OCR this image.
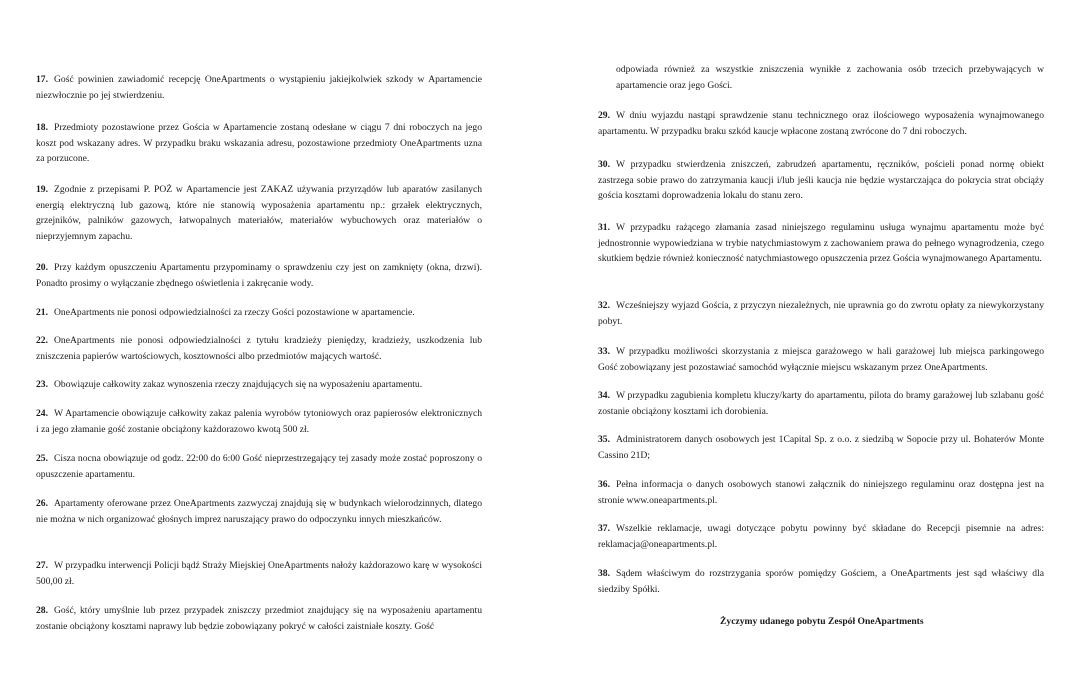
17. Gość powinien zawiadomić recepcję OneApartments o wystąpieniu jakiejkolwiek szkody w Apartamencie niezwłocznie po jej stwierdzeniu.
18. Przedmioty pozostawione przez Gościa w Apartamencie zostaną odesłane w ciągu 7 dni roboczych na jego koszt pod wskazany adres. W przypadku braku wskazania adresu, pozostawione przedmioty OneApartments uzna za porzucone.
19. Zgodnie z przepisami P. POŻ w Apartamencie jest ZAKAZ używania przyrządów lub aparatów zasilanych energią elektryczną lub gazową, które nie stanowią wyposażenia apartamentu np.: grzałek elektrycznych, grzejników, palników gazowych, łatwopalnych materiałów, materiałów wybuchowych oraz materiałów o nieprzyjemnym zapachu.
20. Przy każdym opuszczeniu Apartamentu przypominamy o sprawdzeniu czy jest on zamknięty (okna, drzwi). Ponadto prosimy o wyłączanie zbędnego oświetlenia i zakręcanie wody.
21. OneApartments nie ponosi odpowiedzialności za rzeczy Gości pozostawione w apartamencie.
22. OneApartments nie ponosi odpowiedzialności z tytułu kradzieży pieniędzy, kradzieży, uszkodzenia lub zniszczenia papierów wartościowych, kosztowności albo przedmiotów mających wartość.
23. Obowiązuje całkowity zakaz wynoszenia rzeczy znajdujących się na wyposażeniu apartamentu.
24. W Apartamencie obowiązuje całkowity zakaz palenia wyrobów tytoniowych oraz papierosów elektronicznych i za jego złamanie gość zostanie obciążony każdorazowo kwotą 500 zł.
25. Cisza nocna obowiązuje od godz. 22:00 do 6:00 Gość nieprzestrzegający tej zasady może zostać poproszony o opuszczenie apartamentu.
26. Apartamenty oferowane przez OneApartments zazwyczaj znajdują się w budynkach wielorodzinnych, dlatego nie można w nich organizować głośnych imprez naruszający prawo do odpoczynku innych mieszkańców.
27. W przypadku interwencji Policji bądź Straży Miejskiej OneApartments nałoży każdorazowo karę w wysokości 500,00 zł.
28. Gość, który umyślnie lub przez przypadek zniszczy przedmiot znajdujący się na wyposażeniu apartamentu zostanie obciążony kosztami naprawy lub będzie zobowiązany pokryć w całości zaistniałe koszty. Gość
odpowiada również za wszystkie zniszczenia wynikłe z zachowania osób trzecich przebywających w apartamencie oraz jego Gości.
29. W dniu wyjazdu nastąpi sprawdzenie stanu technicznego oraz ilościowego wyposażenia wynajmowanego apartamentu. W przypadku braku szkód kaucje wpłacone zostaną zwrócone do 7 dni roboczych.
30. W przypadku stwierdzenia zniszczeń, zabrudzeń apartamentu, ręczników, pościeli ponad normę obiekt zastrzega sobie prawo do zatrzymania kaucji i/lub jeśli kaucja nie będzie wystarczająca do pokrycia strat obciąży gościa kosztami doprowadzenia lokalu do stanu zero.
31. W przypadku rażącego złamania zasad niniejszego regulaminu usługa wynajmu apartamentu może być jednostronnie wypowiedziana w trybie natychmiastowym z zachowaniem prawa do pełnego wynagrodzenia, czego skutkiem będzie również konieczność natychmiastowego opuszczenia przez Gościa wynajmowanego Apartamentu.
32. Wcześniejszy wyjazd Gościa, z przyczyn niezależnych, nie uprawnia go do zwrotu opłaty za niewykorzystany pobyt.
33. W przypadku możliwości skorzystania z miejsca garażowego w hali garażowej lub miejsca parkingowego Gość zobowiązany jest pozostawiać samochód wyłącznie miejscu wskazanym przez OneApartments.
34. W przypadku zagubienia kompletu kluczy/karty do apartamentu, pilota do bramy garażowej lub szlabanu gość zostanie obciążony kosztami ich dorobienia.
35. Administratorem danych osobowych jest 1Capital Sp. z o.o. z siedzibą w Sopocie przy ul. Bohaterów Monte Cassino 21D;
36. Pełna informacja o danych osobowych stanowi załącznik do niniejszego regulaminu oraz dostępna jest na stronie www.oneapartments.pl.
37. Wszelkie reklamacje, uwagi dotyczące pobytu powinny być składane do Recepcji pisemnie na adres: reklamacja@oneapartments.pl.
38. Sądem właściwym do rozstrzygania sporów pomiędzy Gościem, a OneApartments jest sąd właściwy dla siedziby Spółki.
Życzymy udanego pobytu Zespół OneApartments
